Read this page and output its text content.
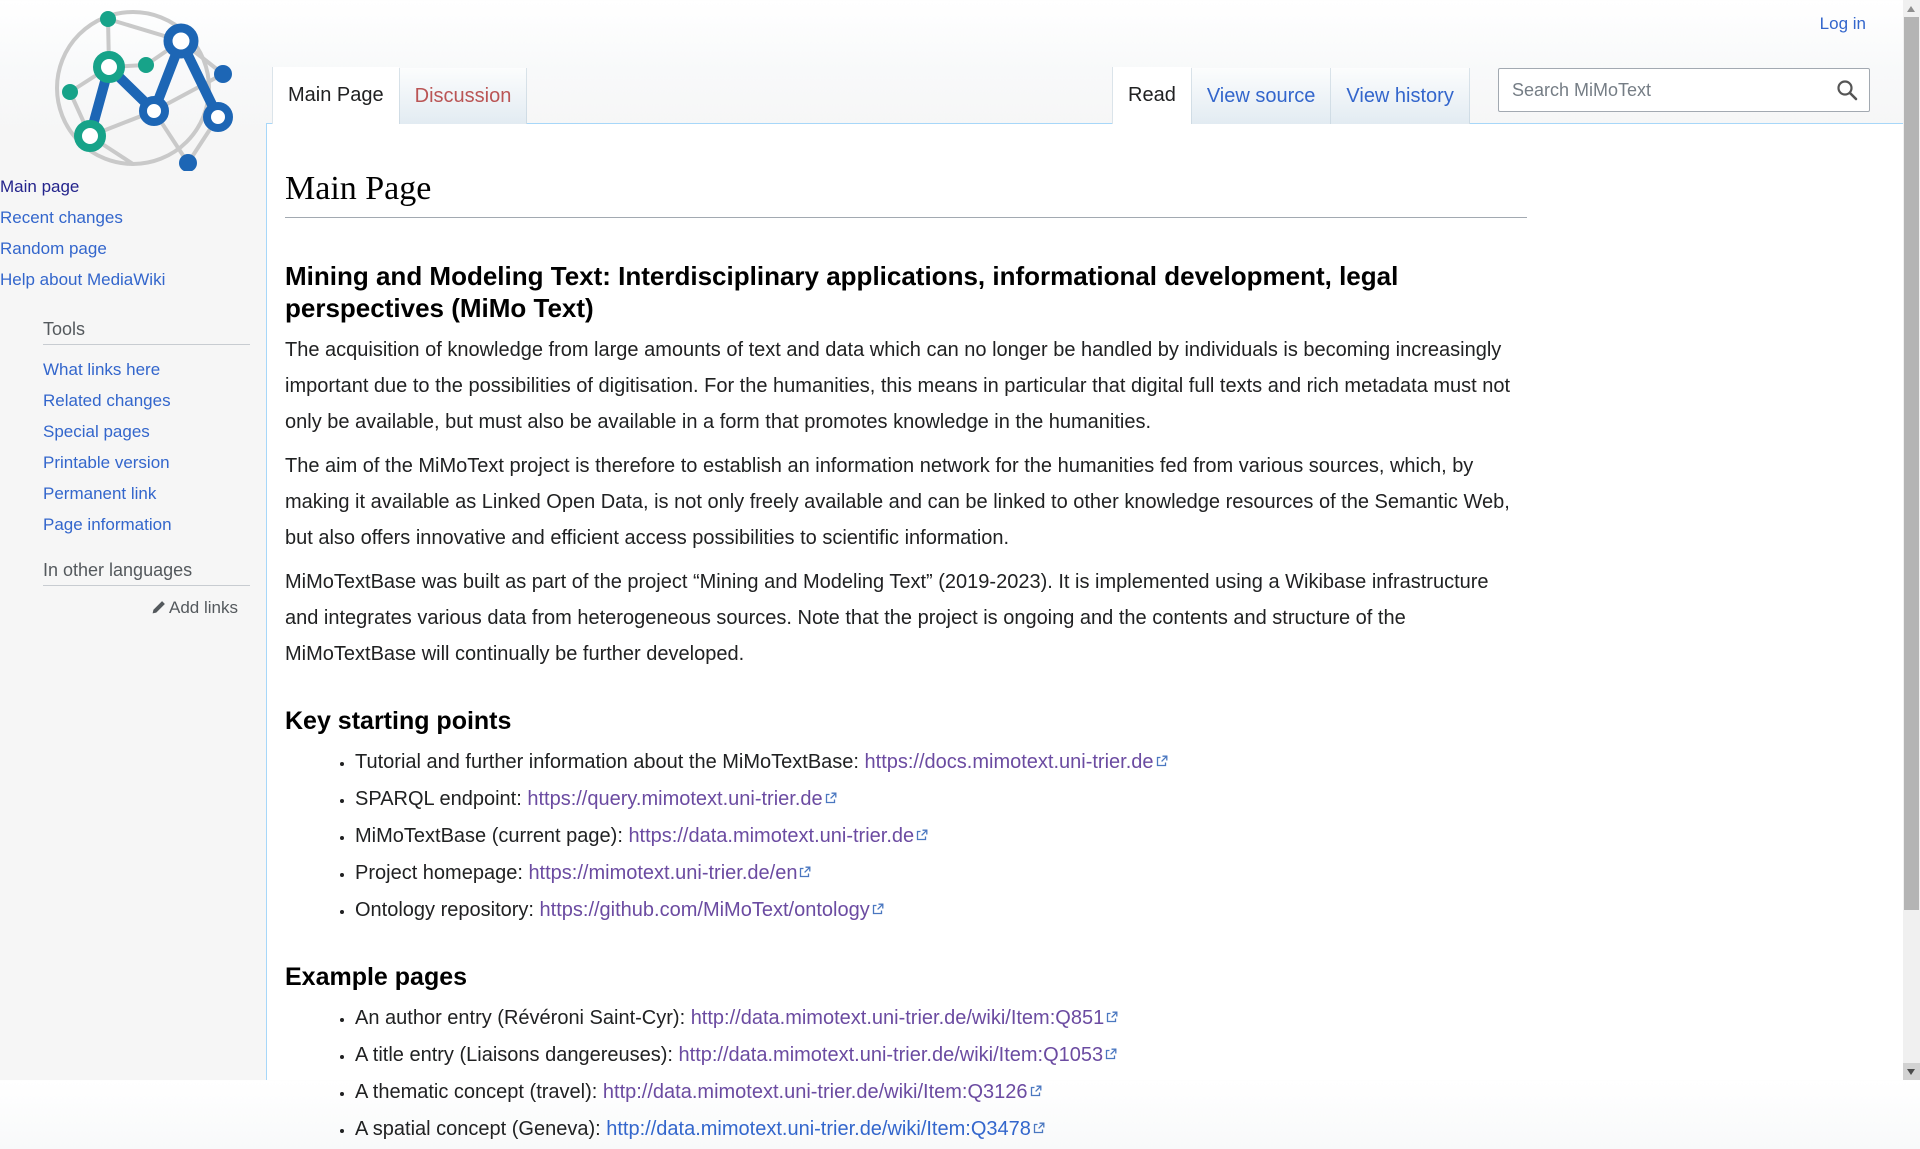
Log in
Main page
Recent changes
Random page
Help about MediaWiki
Tools
What links here
Related changes
Special pages
Printable version
Permanent link
Page information
In other languages
Add links
Main Page	Discussion	Read	View source	View history
Search MiMoText
Main Page
Mining and Modeling Text: Interdisciplinary applications, informational development, legal perspectives (MiMo Text)

The acquisition of knowledge from large amounts of text and data which can no longer be handled by individuals is becoming increasingly important due to the possibilities of digitisation. For the humanities, this means in particular that digital full texts and rich metadata must not only be available, but must also be available in a form that promotes knowledge in the humanities.

The aim of the MiMoText project is therefore to establish an information network for the humanities fed from various sources, which, by making it available as Linked Open Data, is not only freely available and can be linked to other knowledge resources of the Semantic Web, but also offers innovative and efficient access possibilities to scientific information.

MiMoTextBase was built as part of the project “Mining and Modeling Text” (2019-2023). It is implemented using a Wikibase infrastructure and integrates various data from heterogeneous sources. Note that the project is ongoing and the contents and structure of the MiMoTextBase will continually be further developed.

Key starting points
• Tutorial and further information about the MiMoTextBase: https://docs.mimotext.uni-trier.de
• SPARQL endpoint: https://query.mimotext.uni-trier.de
• MiMoTextBase (current page): https://data.mimotext.uni-trier.de
• Project homepage: https://mimotext.uni-trier.de/en
• Ontology repository: https://github.com/MiMoText/ontology
Example pages
• An author entry (Révéroni Saint-Cyr): http://data.mimotext.uni-trier.de/wiki/Item:Q851
• A title entry (Liaisons dangereuses): http://data.mimotext.uni-trier.de/wiki/Item:Q1053
• A thematic concept (travel): http://data.mimotext.uni-trier.de/wiki/Item:Q3126
• A spatial concept (Geneva): http://data.mimotext.uni-trier.de/wiki/Item:Q3478
